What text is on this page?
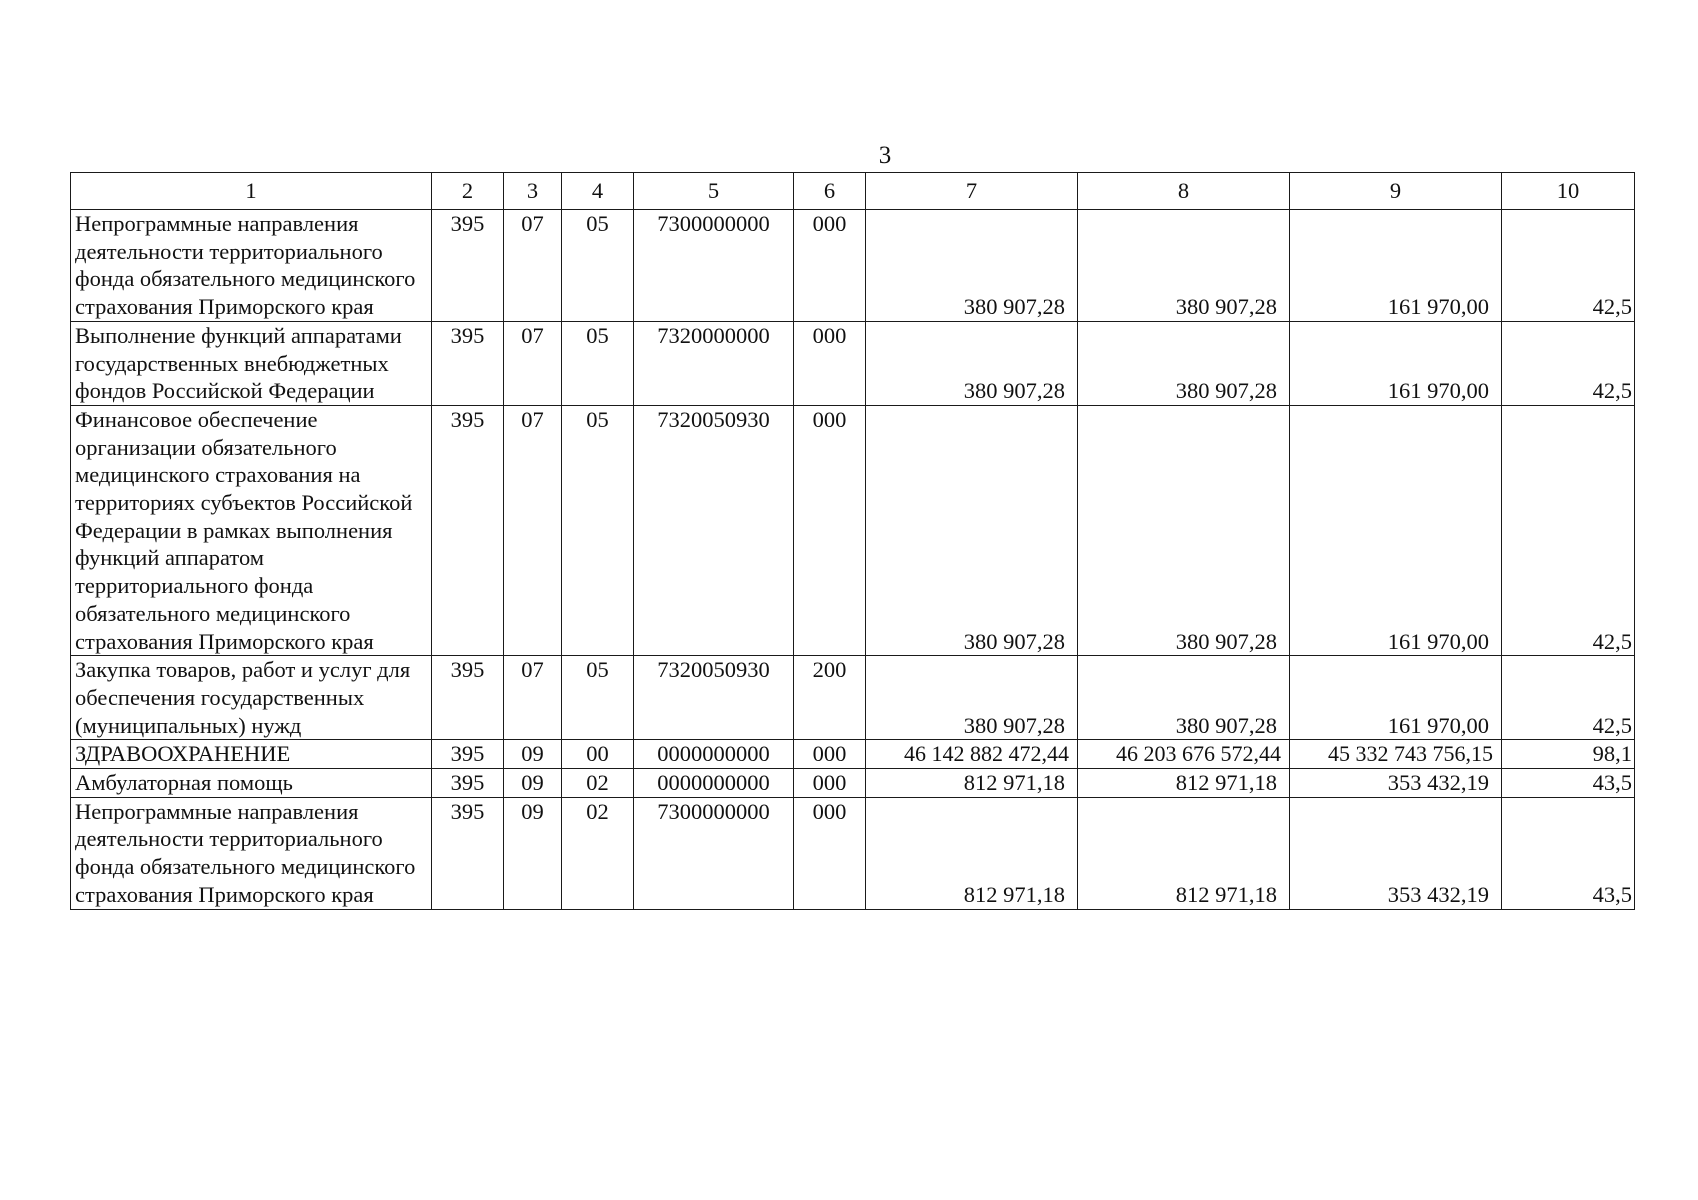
3
1	2	3	4	5	6	7	8	9	10
Непрограммные направления деятельности территориального фонда обязательного медицинского страхования Приморского края	395	07	05	7300000000	000	380 907,28	380 907,28	161 970,00	42,5
Выполнение функций аппаратами государственных внебюджетных фондов Российской Федерации	395	07	05	7320000000	000	380 907,28	380 907,28	161 970,00	42,5
Финансовое обеспечение организации обязательного медицинского страхования на территориях субъектов Российской Федерации в рамках выполнения функций аппаратом территориального фонда обязательного медицинского страхования Приморского края	395	07	05	7320050930	000	380 907,28	380 907,28	161 970,00	42,5
Закупка товаров, работ и услуг для обеспечения государственных (муниципальных) нужд	395	07	05	7320050930	200	380 907,28	380 907,28	161 970,00	42,5
ЗДРАВООХРАНЕНИЕ	395	09	00	0000000000	000	46 142 882 472,44	46 203 676 572,44	45 332 743 756,15	98,1
Амбулаторная помощь	395	09	02	0000000000	000	812 971,18	812 971,18	353 432,19	43,5
Непрограммные направления деятельности территориального фонда обязательного медицинского страхования Приморского края	395	09	02	7300000000	000	812 971,18	812 971,18	353 432,19	43,5
